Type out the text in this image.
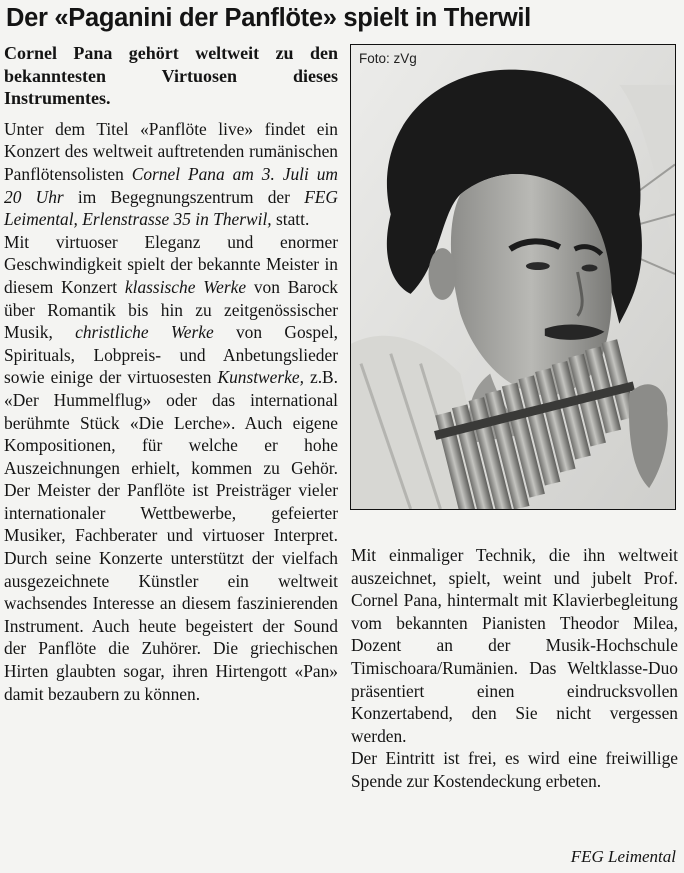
Der «Paganini der Panflöte» spielt in Therwil

Cornel Pana gehört weltweit zu den bekanntesten Virtuosen dieses Instrumentes.

Unter dem Titel «Panflöte live» findet ein Konzert des weltweit auftretenden rumänischen Panflötensolisten Cornel Pana am 3. Juli um 20 Uhr im Begegnungszentrum der FEG Leimental, Erlenstrasse 35 in Therwil, statt.

Mit virtuoser Eleganz und enormer Geschwindigkeit spielt der bekannte Meister in diesem Konzert klassische Werke von Barock über Romantik bis hin zu zeitgenössischer Musik, christliche Werke von Gospel, Spirituals, Lobpreis- und Anbetungslieder sowie einige der virtuosesten Kunstwerke, z.B. «Der Hummelflug» oder das international berühmte Stück «Die Lerche». Auch eigene Kompositionen, für welche er hohe Auszeichnungen erhielt, kommen zu Gehör. Der Meister der Panflöte ist Preisträger vieler internationaler Wettbewerbe, gefeierter Musiker, Fachberater und virtuoser Interpret. Durch seine Konzerte unterstützt der vielfach ausgezeichnete Künstler ein weltweit wachsendes Interesse an diesem faszinierenden Instrument. Auch heute begeistert der Sound der Panflöte die Zuhörer. Die griechischen Hirten glaubten sogar, ihren Hirtengott «Pan» damit bezaubern zu können.

Foto: zVg

Mit einmaliger Technik, die ihn weltweit auszeichnet, spielt, weint und jubelt Prof. Cornel Pana, hintermalt mit Klavierbegleitung vom bekannten Pianisten Theodor Milea, Dozent an der Musik-Hochschule Timischoara/Rumänien. Das Weltklasse-Duo präsentiert einen eindrucksvollen Konzertabend, den Sie nicht vergessen werden.

Der Eintritt ist frei, es wird eine freiwillige Spende zur Kostendeckung erbeten.

FEG Leimental
